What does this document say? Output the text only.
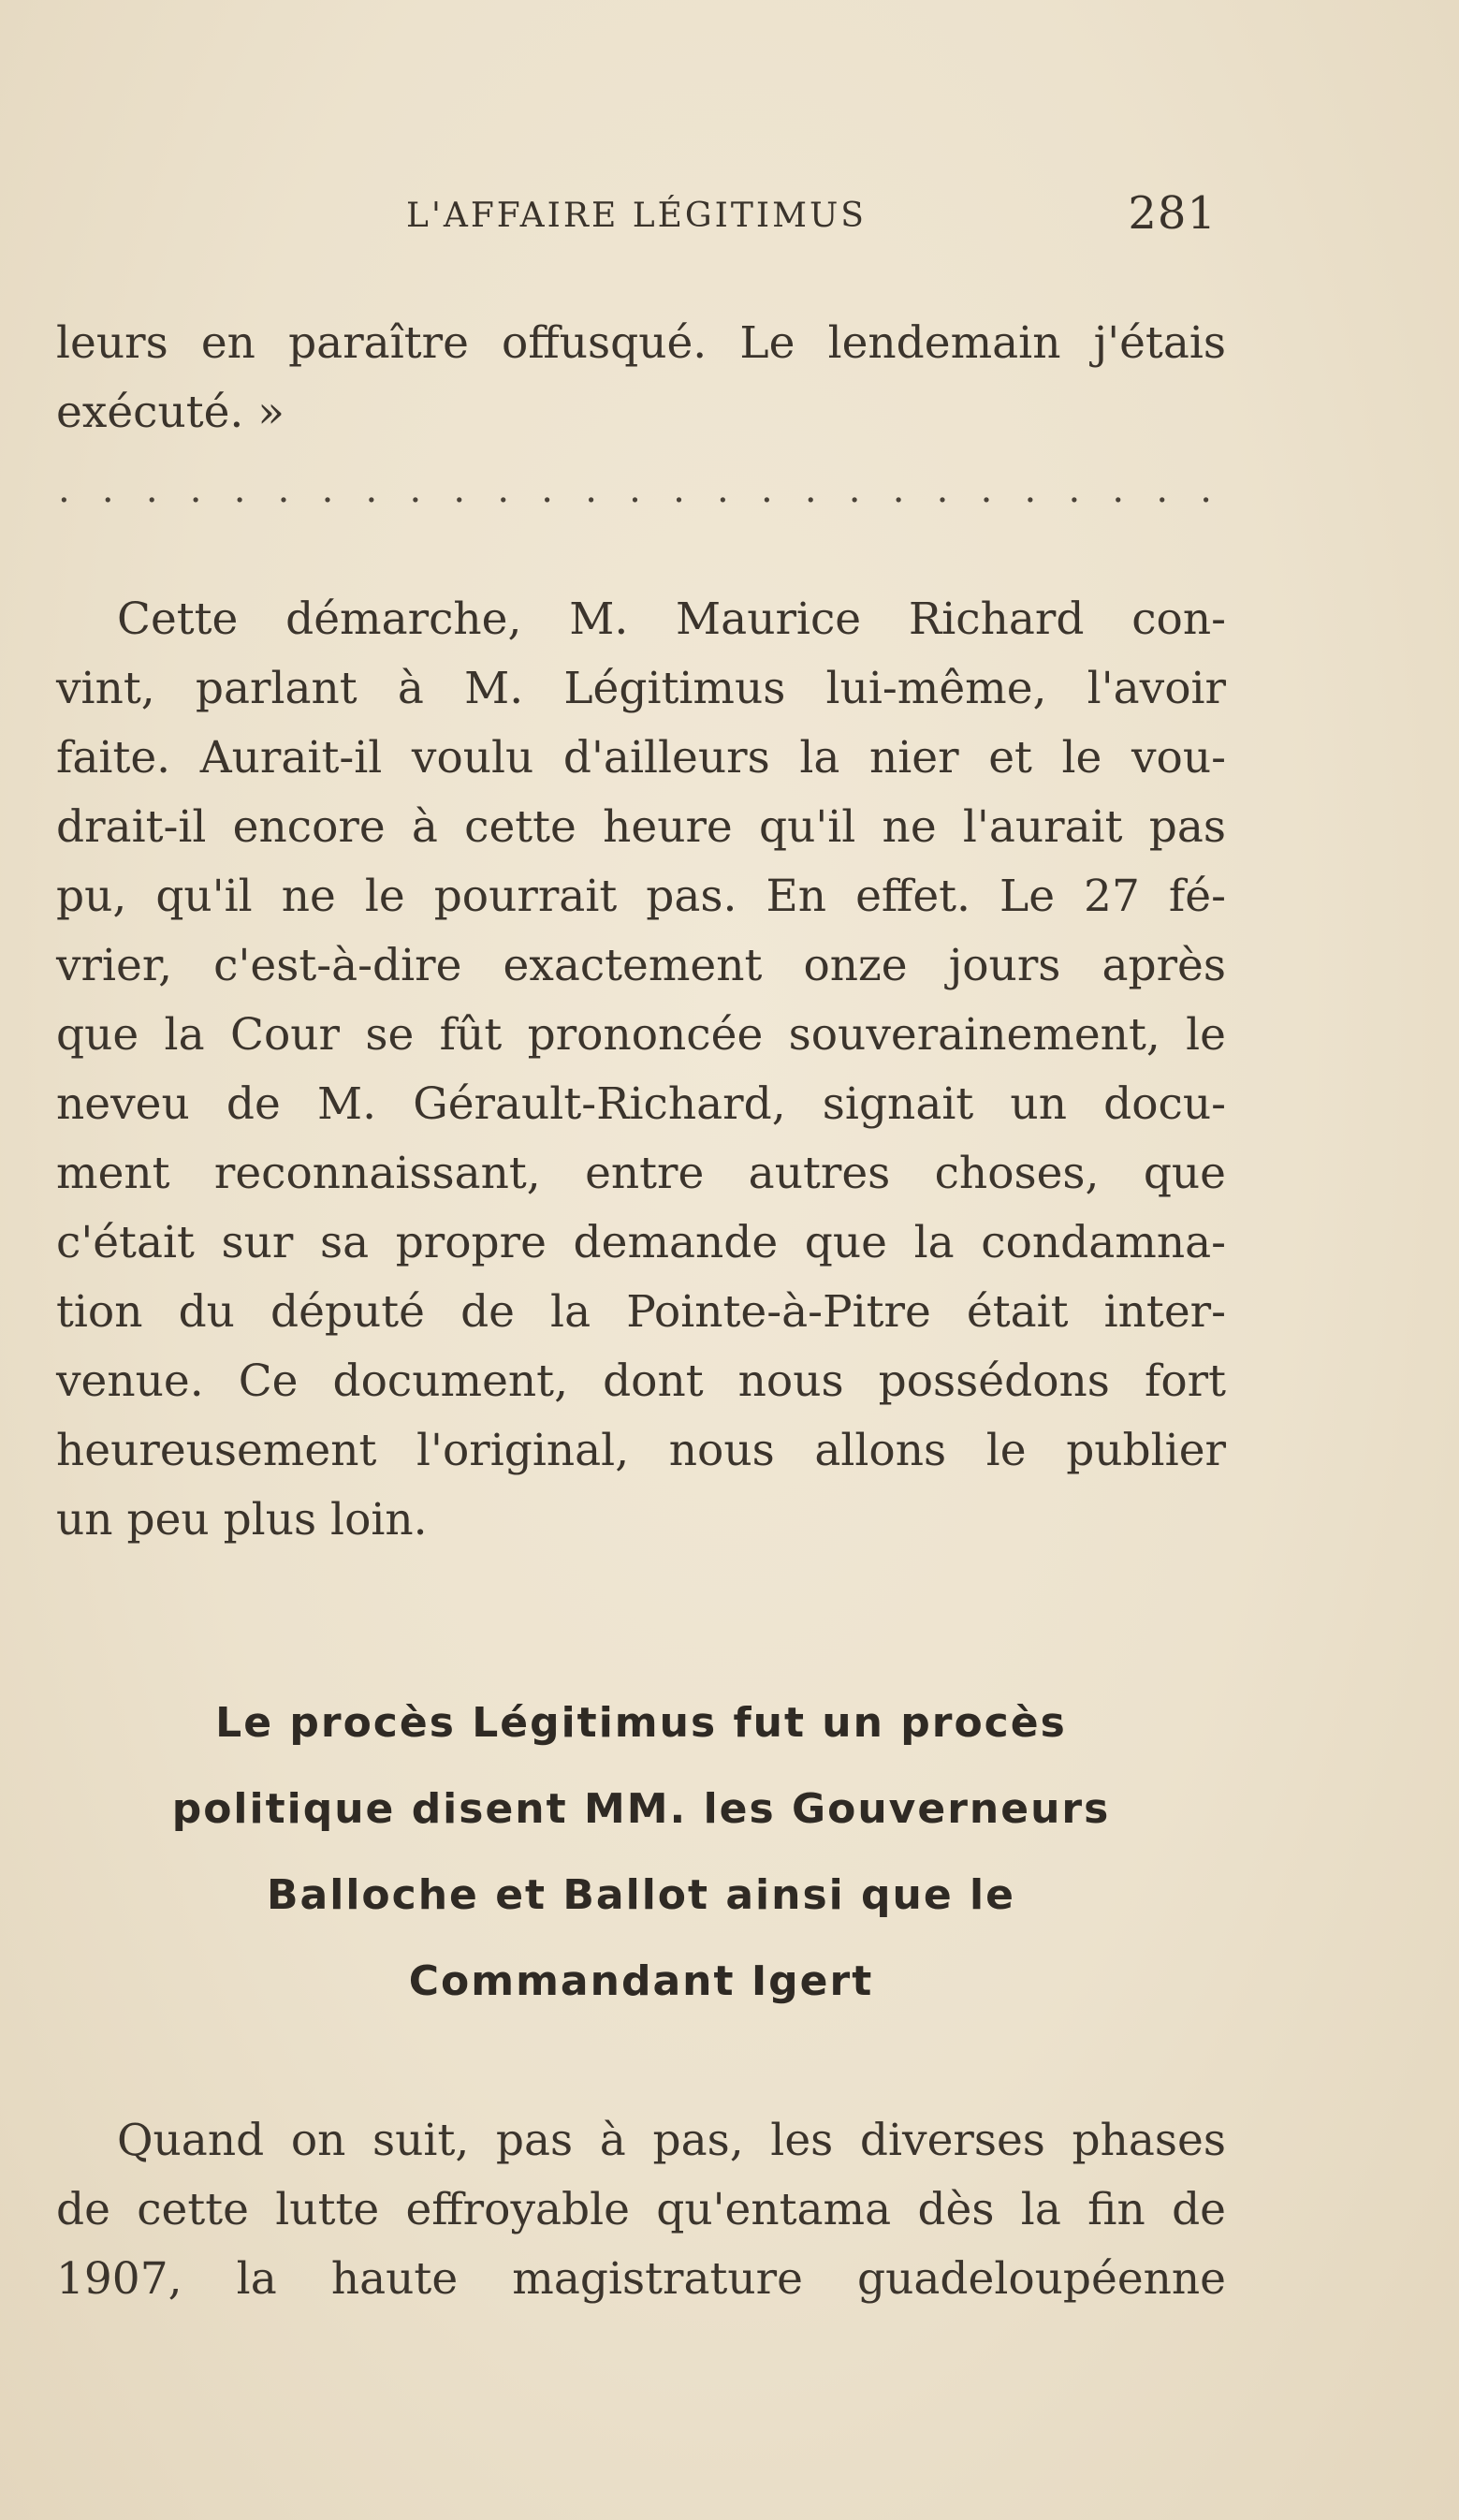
L'AFFAIRE LÉGITIMUS	281
leurs en paraître offusqué. Le lendemain j'étais
exécuté. »
. . . . . . . . . . . . . . . . . . . . . . . . . . .
Cette démarche, M. Maurice Richard con-
vint, parlant à M. Légitimus lui-même, l'avoir
faite. Aurait-il voulu d'ailleurs la nier et le vou-
drait-il encore à cette heure qu'il ne l'aurait pas
pu, qu'il ne le pourrait pas. En effet. Le 27 fé-
vrier, c'est-à-dire exactement onze jours après
que la Cour se fût prononcée souverainement, le
neveu de M. Gérault-Richard, signait un docu-
ment reconnaissant, entre autres choses, que
c'était sur sa propre demande que la condamna-
tion du député de la Pointe-à-Pitre était inter-
venue. Ce document, dont nous possédons fort
heureusement l'original, nous allons le publier
un peu plus loin.
Le procès Légitimus fut un procès
politique disent MM. les Gouverneurs
Balloche et Ballot ainsi que le
Commandant Igert
Quand on suit, pas à pas, les diverses phases
de cette lutte effroyable qu'entama dès la fin de
1907, la haute magistrature guadeloupéenne
